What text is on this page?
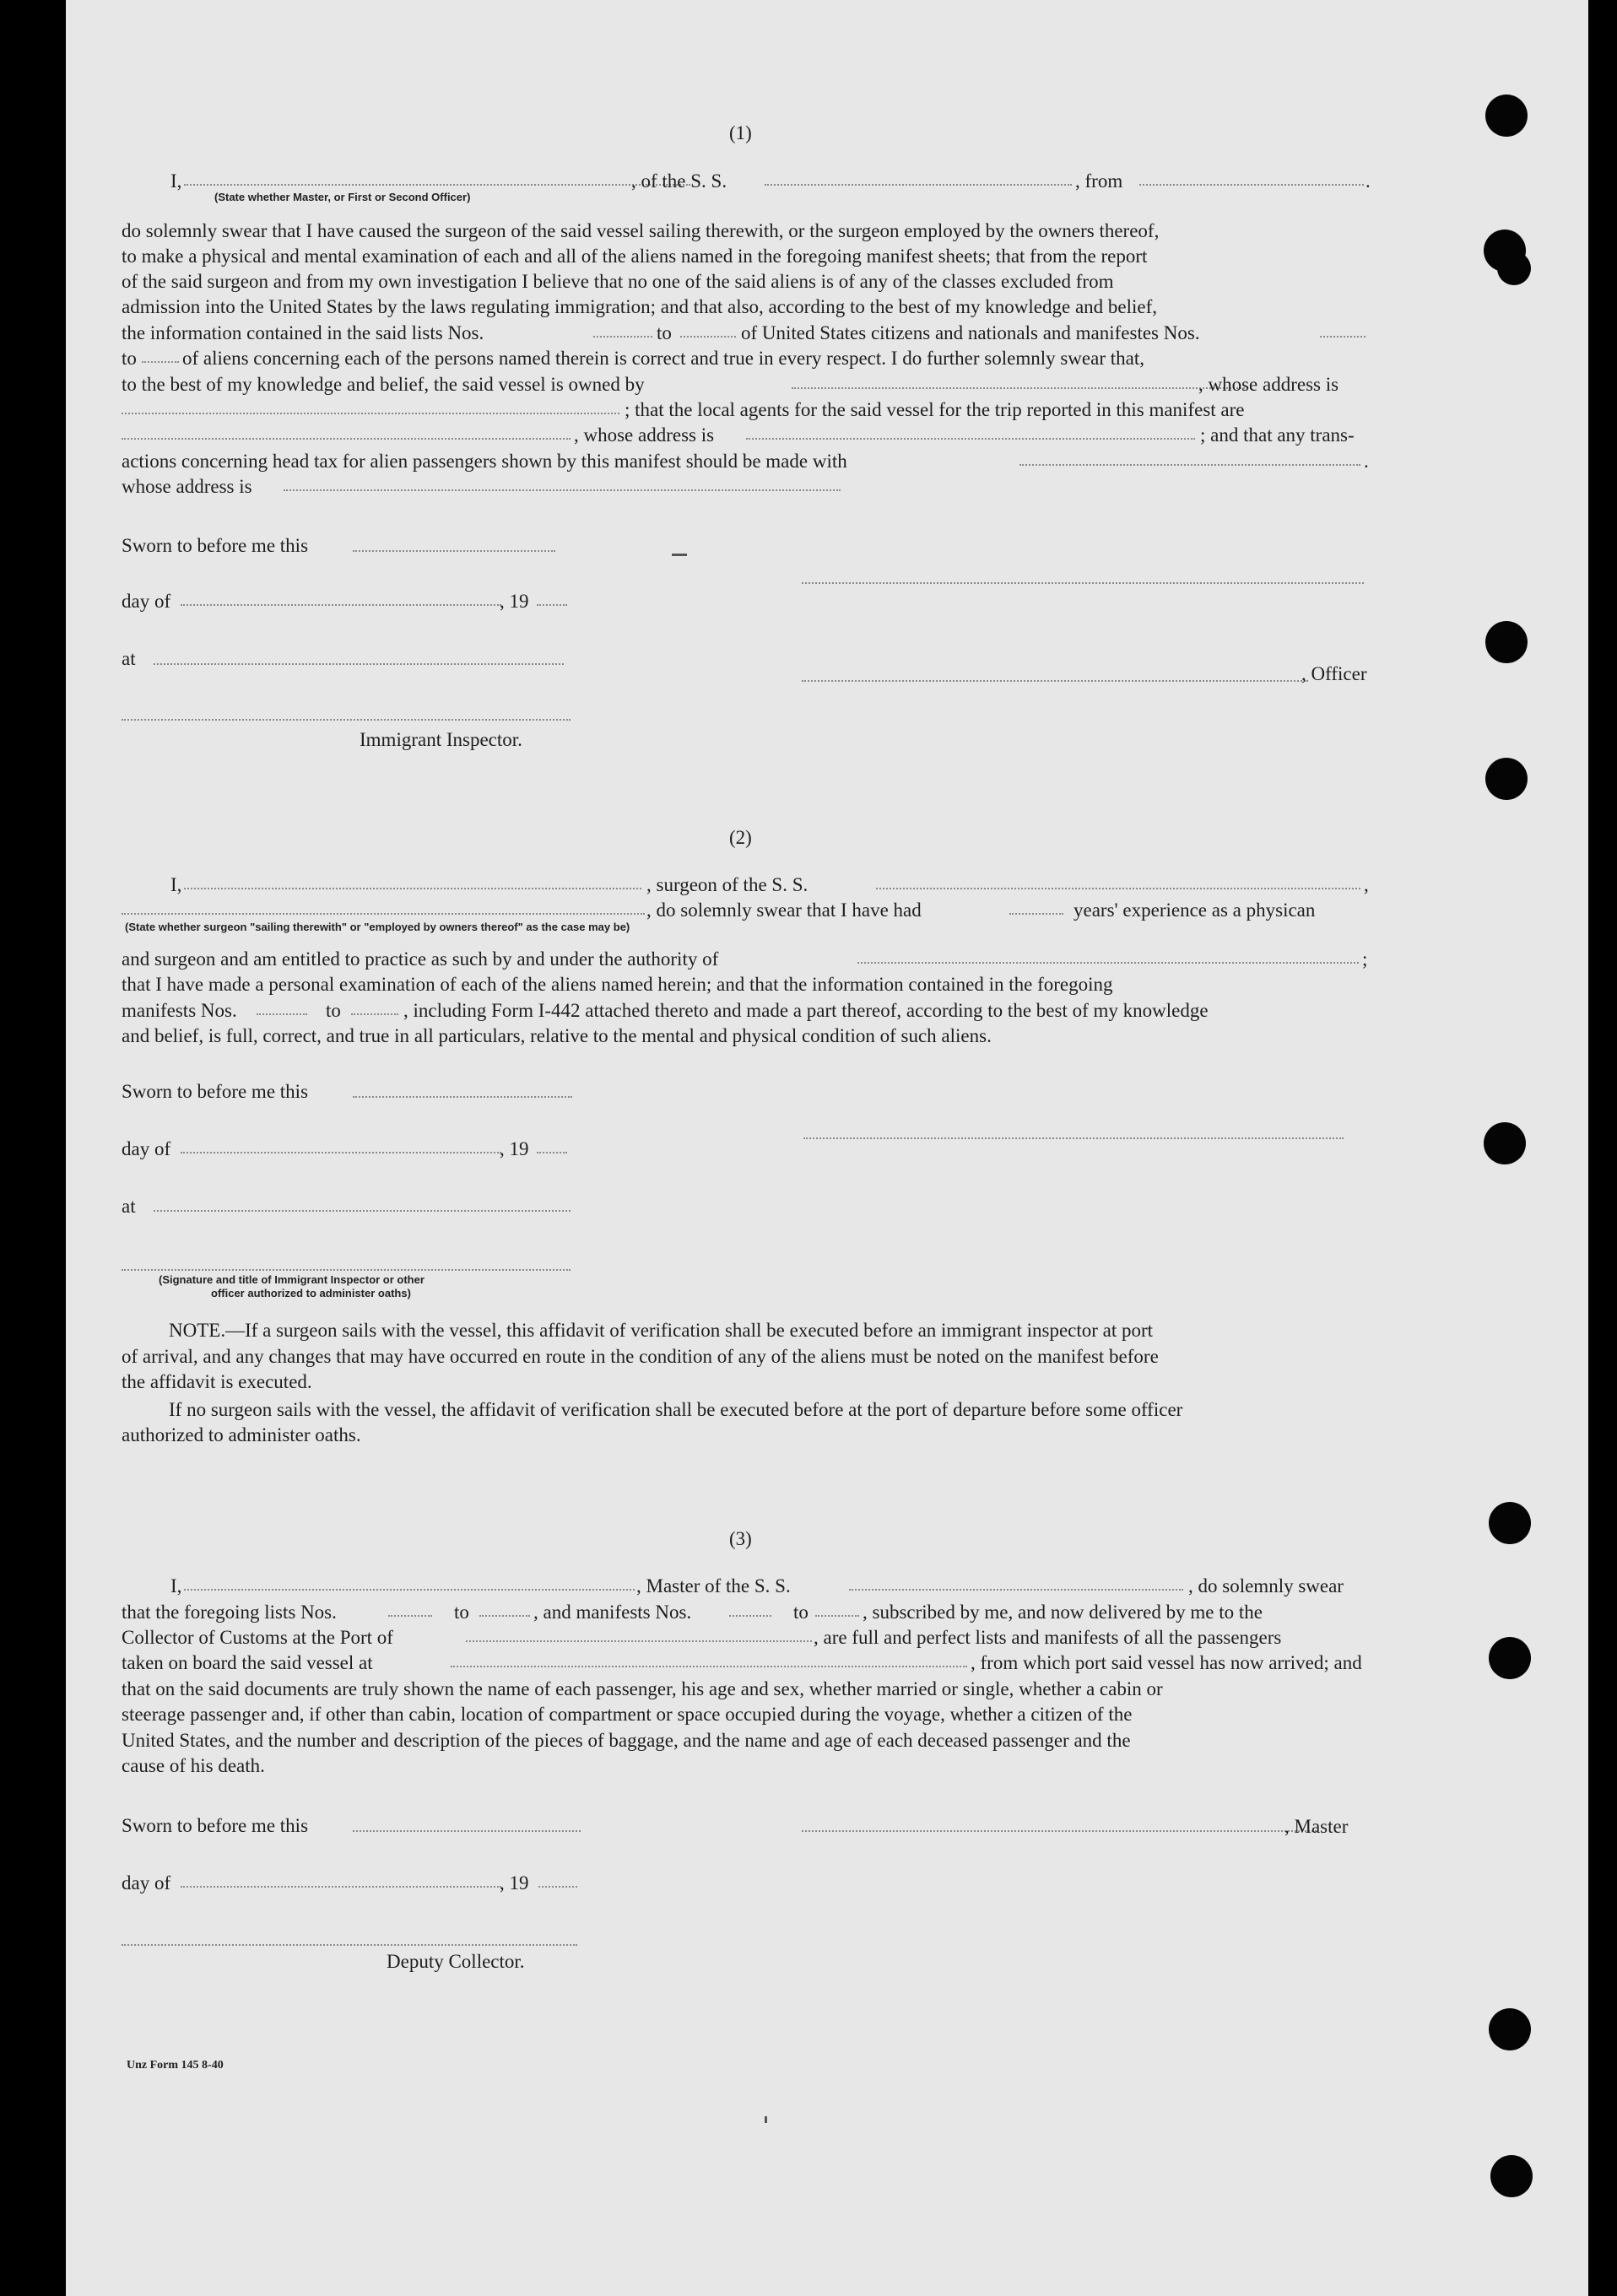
(1)
I,	, of the S. S.	, from	.
(State whether Master, or First or Second Officer)
do solemnly swear that I have caused the surgeon of the said vessel sailing therewith, or the surgeon employed by the owners thereof,
to make a physical and mental examination of each and all of the aliens named in the foregoing manifest sheets; that from the report
of the said surgeon and from my own investigation I believe that no one of the said aliens is of any of the classes excluded from
admission into the United States by the laws regulating immigration; and that also, according to the best of my knowledge and belief,
the information contained in the said lists Nos.	to	of United States citizens and nationals and manifestes Nos.
to of aliens concerning each of the persons named therein is correct and true in every respect. I do further solemnly swear that,
to the best of my knowledge and belief, the said vessel is owned by	, whose address is
; that the local agents for the said vessel for the trip reported in this manifest are
, whose address is	; and that any trans-
actions concerning head tax for alien passengers shown by this manifest should be made with	.
whose address is
Sworn to before me this
day of	, 19
at
, Officer
Immigrant Inspector.
(2)
I,	, surgeon of the S. S.	,
, do solemnly swear that I have had	years' experience as a physican
(State whether surgeon "sailing therewith" or "employed by owners thereof" as the case may be)
and surgeon and am entitled to practice as such by and under the authority of	;
that I have made a personal examination of each of the aliens named herein; and that the information contained in the foregoing
manifests Nos.	to	, including Form I-442 attached thereto and made a part thereof, according to the best of my knowledge
and belief, is full, correct, and true in all particulars, relative to the mental and physical condition of such aliens.
Sworn to before me this
day of	, 19
at
(Signature and title of Immigrant Inspector or other
officer authorized to administer oaths)
NOTE.—If a surgeon sails with the vessel, this affidavit of verification shall be executed before an immigrant inspector at port
of arrival, and any changes that may have occurred en route in the condition of any of the aliens must be noted on the manifest before
the affidavit is executed.
If no surgeon sails with the vessel, the affidavit of verification shall be executed before at the port of departure before some officer
authorized to administer oaths.
(3)
I,	, Master of the S. S.	, do solemnly swear
that the foregoing lists Nos.	to	, and manifests Nos.	to	, subscribed by me, and now delivered by me to the
Collector of Customs at the Port of	, are full and perfect lists and manifests of all the passengers
taken on board the said vessel at	, from which port said vessel has now arrived; and
that on the said documents are truly shown the name of each passenger, his age and sex, whether married or single, whether a cabin or
steerage passenger and, if other than cabin, location of compartment or space occupied during the voyage, whether a citizen of the
United States, and the number and description of the pieces of baggage, and the name and age of each deceased passenger and the
cause of his death.
Sworn to before me this	, Master
day of	, 19
Deputy Collector.
Unz Form 145 8-40
